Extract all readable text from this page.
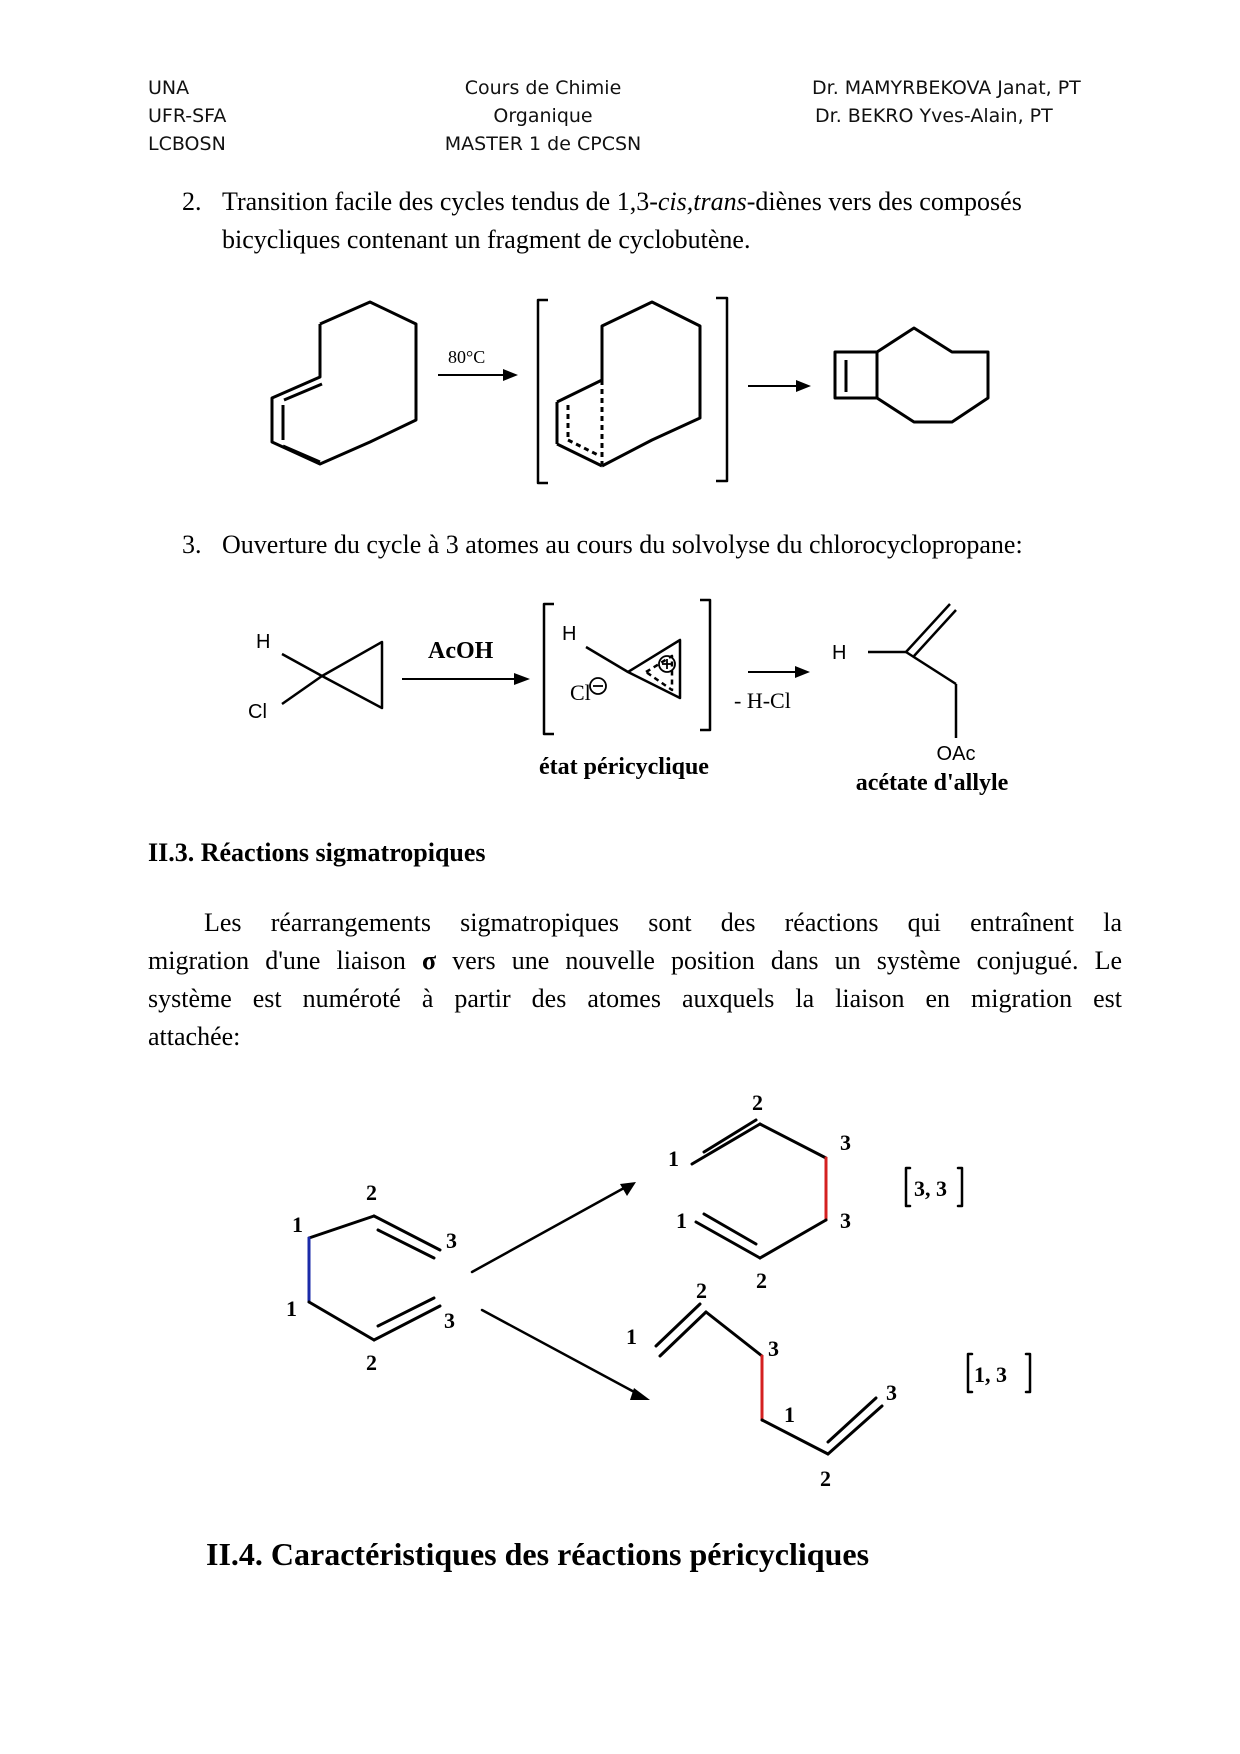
UNA
UFR-SFA
LCBOSN
Cours de Chimie Organique
MASTER 1 de CPCSN
Dr. MAMYRBEKOVA Janat, PT
Dr. BEKRO Yves-Alain, PT
2. Transition facile des cycles tendus de 1,3-cis,trans-diènes vers des composés
bicycliques contenant un fragment de cyclobutène.
80°C
3. Ouverture du cycle à 3 atomes au cours du solvolyse du chlorocyclopropane:
H
Cl
AcOH
H
Cl	- H-Cl
H
OAc
état péricyclique
acétate d'allyle
II.3. Réactions sigmatropiques
Les réarrangements sigmatropiques sont des réactions qui entraînent la
migration d'une liaison σ vers une nouvelle position dans un système conjugué. Le
système est numéroté à partir des atomes auxquels la liaison en migration est
attachée:
1
2
3
1
2
3
1
2
3
1
2
3
3, 3
1
2
3
1
2
3
1, 3
II.4. Caractéristiques des réactions péricycliques
